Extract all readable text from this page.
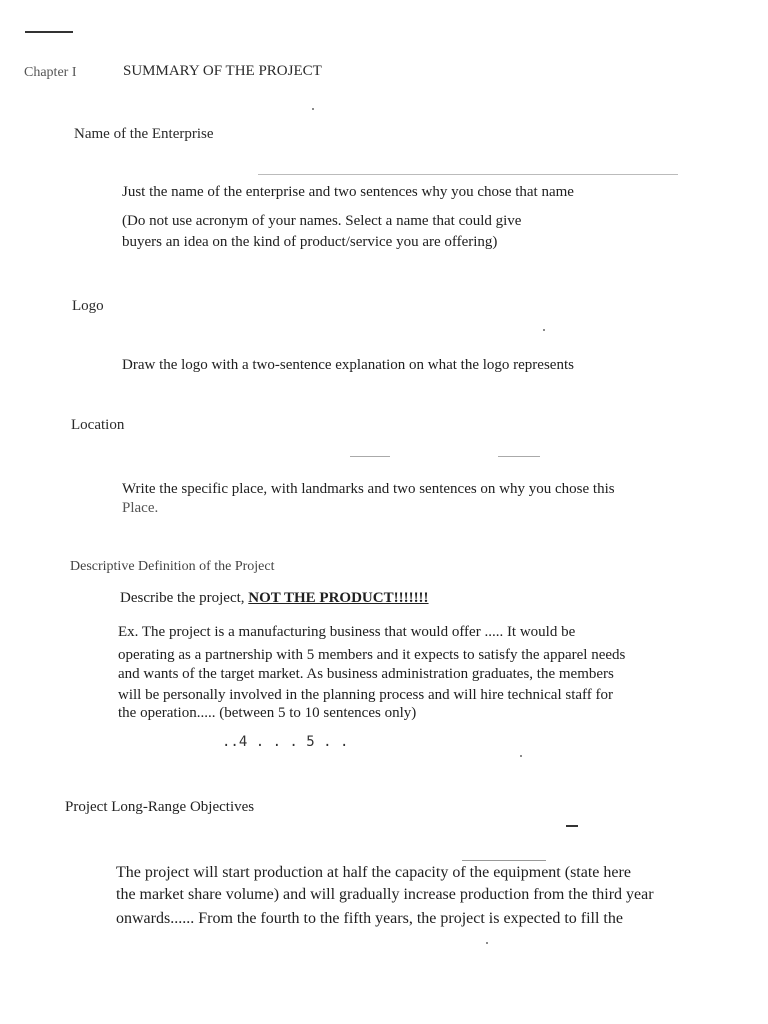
Chapter I	SUMMARY OF THE PROJECT
Name of the Enterprise
Just the name of the enterprise and two sentences why you chose that name
(Do not use acronym of your names. Select a name that could give
buyers an idea on the kind of product/service you are offering)
Logo
Draw the logo with a two-sentence explanation on what the logo represents
Location
Write the specific place, with landmarks and two sentences on why you chose this
Place.
Descriptive Definition of the Project
Describe the project, NOT THE PRODUCT!!!!!!!
Ex. The project is a manufacturing business that would offer ..... It would be
operating as a partnership with 5 members and it expects to satisfy the apparel needs
and wants of the target market. As business administration graduates, the members
will be personally involved in the planning process and will hire technical staff for
the operation..... (between 5 to 10 sentences only)
..4 . . . 5 . .
Project Long-Range Objectives
The project will start production at half the capacity of the equipment (state here
the market share volume) and will gradually increase production from the third year
onwards...... From the fourth to the fifth years, the project is expected to fill the
